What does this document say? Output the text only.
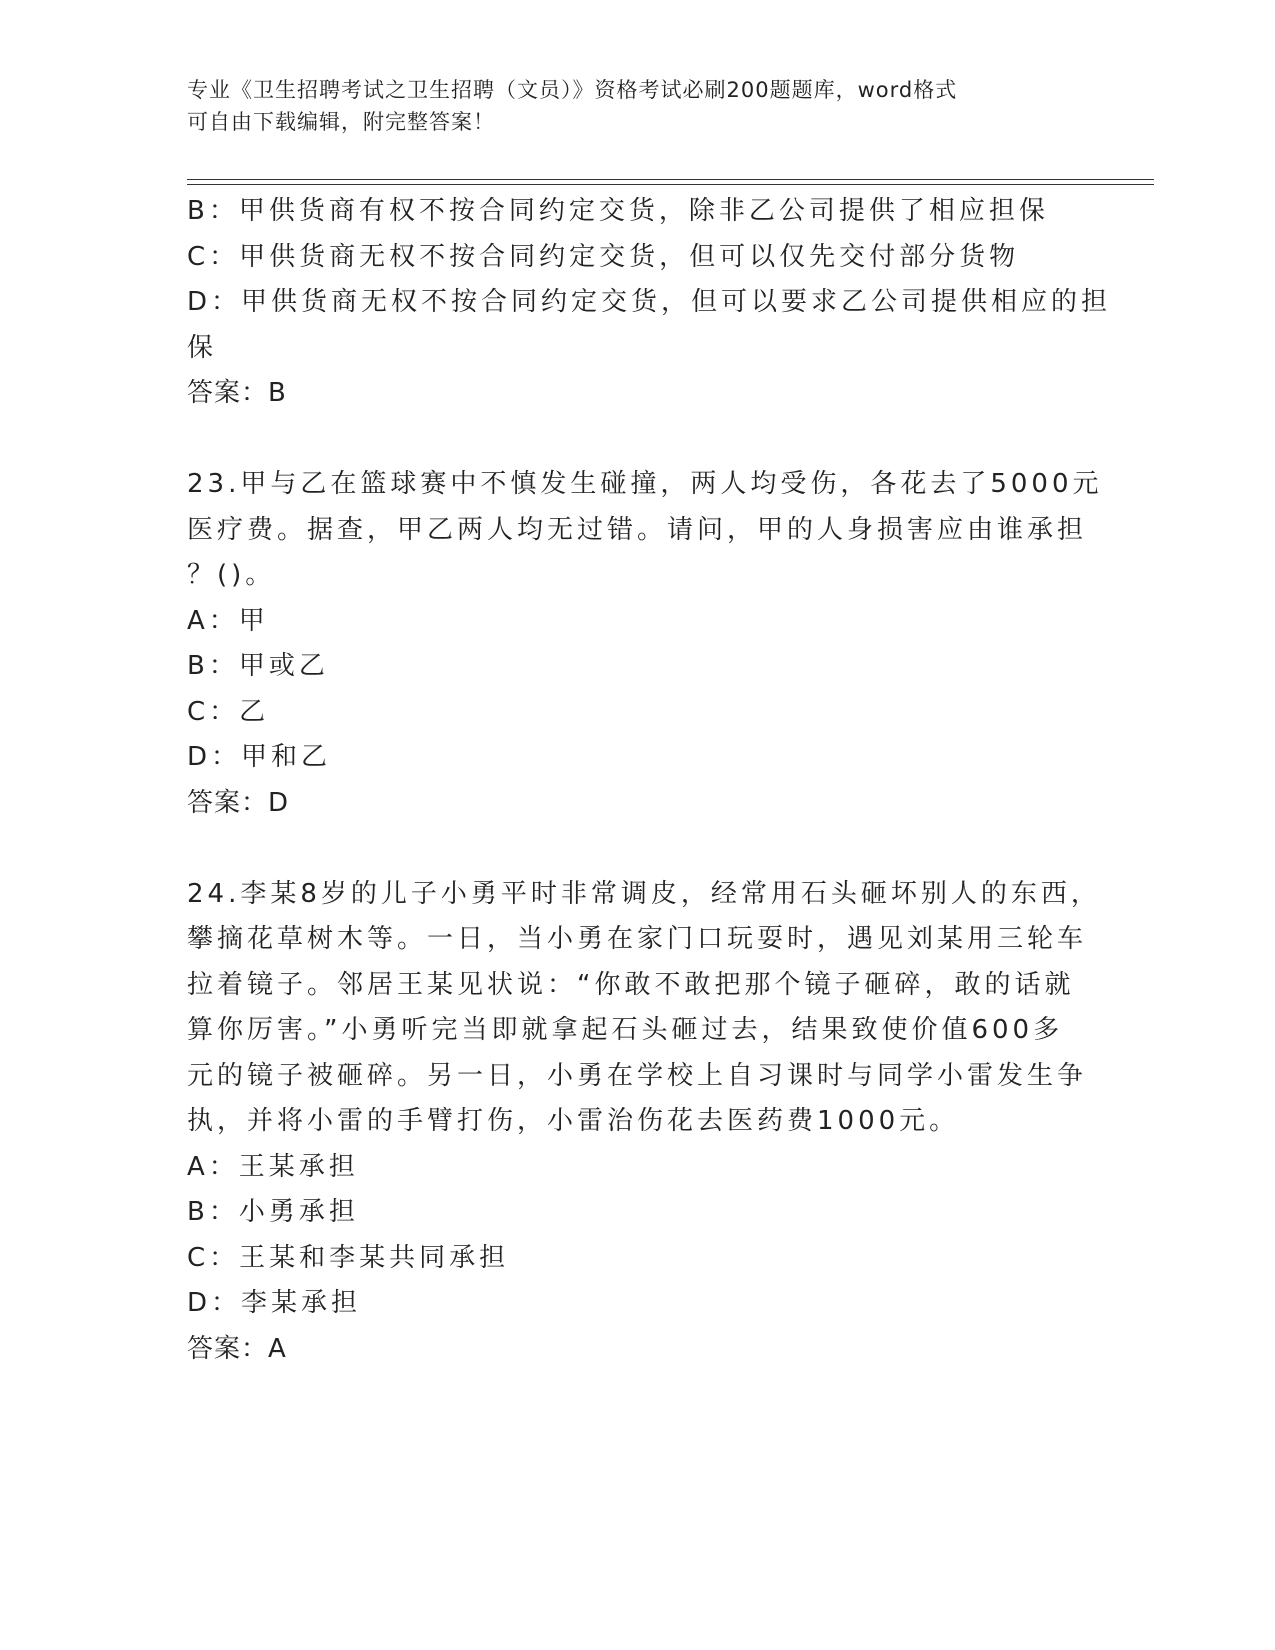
专业《卫生招聘考试之卫生招聘（文员）》资格考试必刷200题题库，word格式
可自由下载编辑，附完整答案！
B：甲供货商有权不按合同约定交货，除非乙公司提供了相应担保
C：甲供货商无权不按合同约定交货，但可以仅先交付部分货物
D：甲供货商无权不按合同约定交货，但可以要求乙公司提供相应的担
保
答案：B
23.甲与乙在篮球赛中不慎发生碰撞，两人均受伤，各花去了5000元
医疗费。据查，甲乙两人均无过错。请问，甲的人身损害应由谁承担
？()。
A：甲
B：甲或乙
C：乙
D：甲和乙
答案：D
24.李某8岁的儿子小勇平时非常调皮，经常用石头砸坏别人的东西，
攀摘花草树木等。一日，当小勇在家门口玩耍时，遇见刘某用三轮车
拉着镜子。邻居王某见状说：“你敢不敢把那个镜子砸碎，敢的话就
算你厉害。”小勇听完当即就拿起石头砸过去，结果致使价值600多
元的镜子被砸碎。另一日，小勇在学校上自习课时与同学小雷发生争
执，并将小雷的手臂打伤，小雷治伤花去医药费1000元。
A：王某承担
B：小勇承担
C：王某和李某共同承担
D：李某承担
答案：A
